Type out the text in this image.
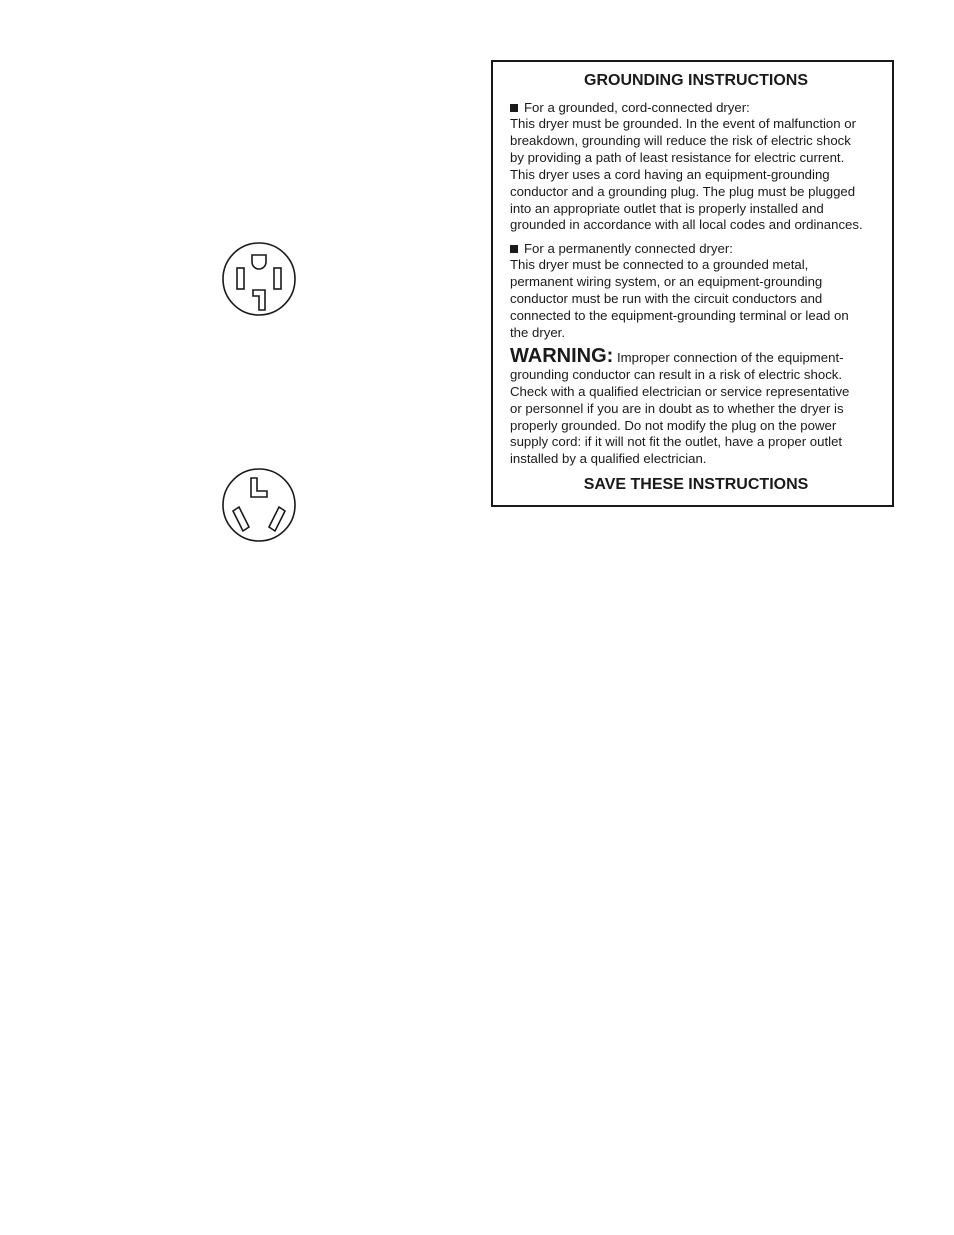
GROUNDING INSTRUCTIONS
For a grounded, cord-connected dryer:
This dryer must be grounded. In the event of malfunction or
breakdown, grounding will reduce the risk of electric shock
by providing a path of least resistance for electric current.
This dryer uses a cord having an equipment-grounding
conductor and a grounding plug. The plug must be plugged
into an appropriate outlet that is properly installed and
grounded in accordance with all local codes and ordinances.
For a permanently connected dryer:
This dryer must be connected to a grounded metal,
permanent wiring system, or an equipment-grounding
conductor must be run with the circuit conductors and
connected to the equipment-grounding terminal or lead on
the dryer.
WARNING: Improper connection of the equipment-
grounding conductor can result in a risk of electric shock.
Check with a qualified electrician or service representative
or personnel if you are in doubt as to whether the dryer is
properly grounded. Do not modify the plug on the power
supply cord: if it will not fit the outlet, have a proper outlet
installed by a qualified electrician.
SAVE THESE INSTRUCTIONS
